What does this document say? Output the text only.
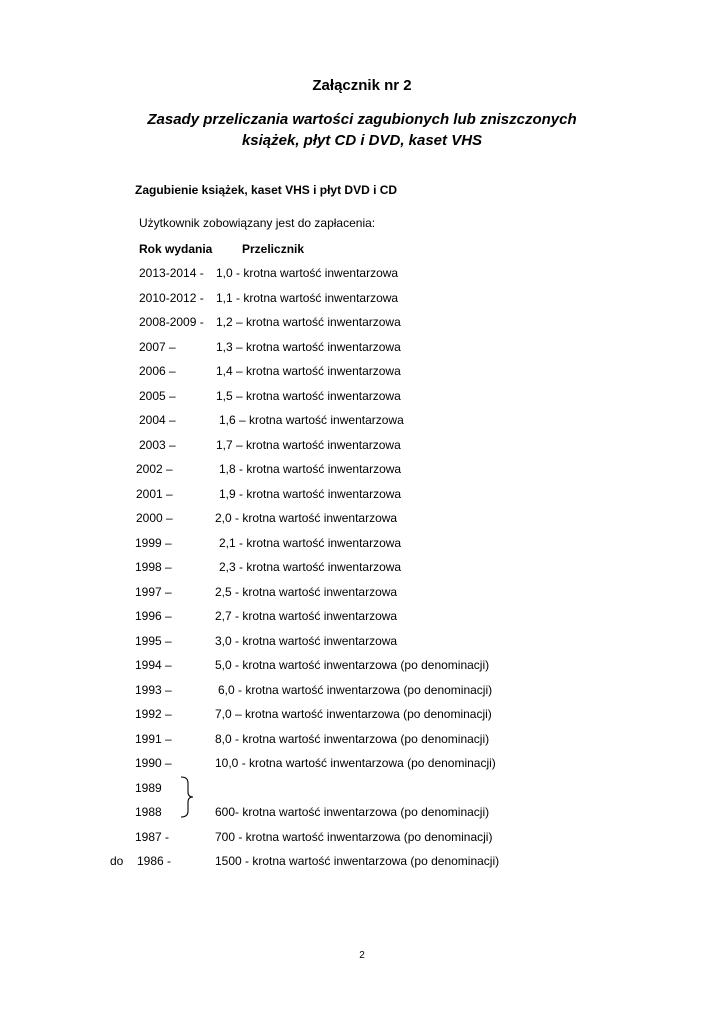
Załącznik nr 2
Zasady przeliczania wartości zagubionych lub zniszczonych
książek, płyt CD i DVD, kaset VHS
Zagubienie książek, kaset VHS i płyt DVD i CD
Użytkownik zobowiązany jest do zapłacenia:
Rok wydania Przelicznik
2013-2014 - 1,0 - krotna wartość inwentarzowa
2010-2012 - 1,1 - krotna wartość inwentarzowa
2008-2009 - 1,2 – krotna wartość inwentarzowa
2007 –	1,3 – krotna wartość inwentarzowa
2006 –	1,4 – krotna wartość inwentarzowa
2005 –	1,5 – krotna wartość inwentarzowa
2004 –	1,6 – krotna wartość inwentarzowa
2003 –	1,7 – krotna wartość inwentarzowa
2002 –	1,8 - krotna wartość inwentarzowa
2001 –	1,9 - krotna wartość inwentarzowa
2000 –	2,0 - krotna wartość inwentarzowa
1999 –	2,1 - krotna wartość inwentarzowa
1998 –	2,3 - krotna wartość inwentarzowa
1997 –	2,5 - krotna wartość inwentarzowa
1996 –	2,7 - krotna wartość inwentarzowa
1995 –	3,0 - krotna wartość inwentarzowa
1994 –	5,0 - krotna wartość inwentarzowa (po denominacji)
1993 –	6,0 - krotna wartość inwentarzowa (po denominacji)
1992 –	7,0 – krotna wartość inwentarzowa (po denominacji)
1991 –	8,0 - krotna wartość inwentarzowa (po denominacji)
1990 –	10,0 - krotna wartość inwentarzowa (po denominacji)
1989
1988	600- krotna wartość inwentarzowa (po denominacji)
1987 -	700 - krotna wartość inwentarzowa (po denominacji)
do 1986 -	1500 - krotna wartość inwentarzowa (po denominacji)
2
